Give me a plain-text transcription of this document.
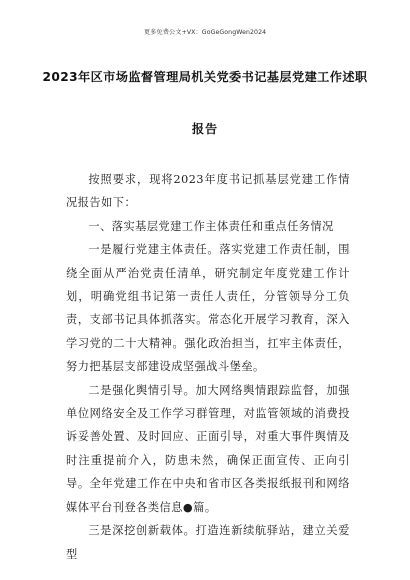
更多免费公文+VX：GoGeGongWen2024
2023年区市场监督管理局机关党委书记基层党建工作述职
报告

按照要求，现将2023年度书记抓基层党建工作情况报告如下：

一、落实基层党建工作主体责任和重点任务情况

一是履行党建主体责任。落实党建工作责任制，围绕全面从严治党责任清单，研究制定年度党建工作计划，明确党组书记第一责任人责任，分管领导分工负责，支部书记具体抓落实。常态化开展学习教育，深入学习党的二十大精神。强化政治担当，扛牢主体责任，努力把基层支部建设成坚强战斗堡垒。

二是强化舆情引导。加大网络舆情跟踪监督，加强单位网络安全及工作学习群管理，对监管领域的消费投诉妥善处置、及时回应、正面引导，对重大事件舆情及时注重提前介入，防患未然，确保正面宣传、正向引导。全年党建工作在中央和省市区各类报纸报刊和网络媒体平台刊登各类信息●篇。

三是深挖创新载体。打造连新续航驿站，建立关爱型
